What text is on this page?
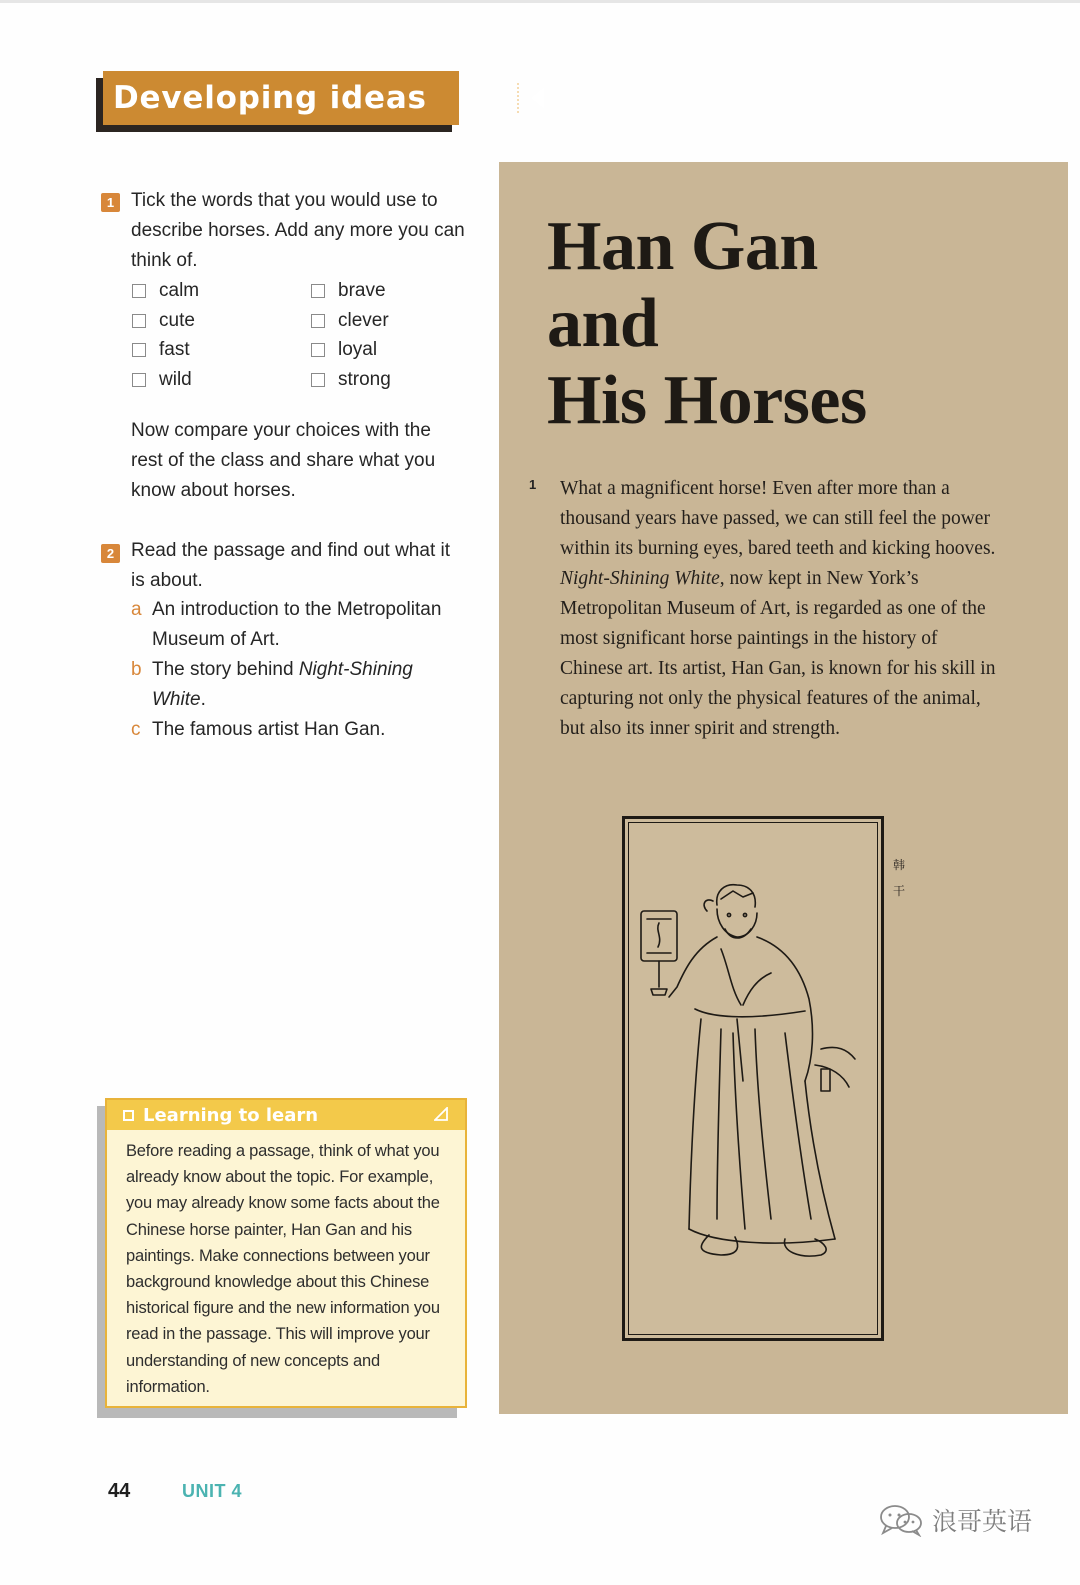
Developing ideas
1 Tick the words that you would use to describe horses. Add any more you can think of.
calm
cute
fast
wild
brave
clever
loyal
strong
Now compare your choices with the rest of the class and share what you know about horses.
2 Read the passage and find out what it is about.
a An introduction to the Metropolitan Museum of Art.
b The story behind Night-Shining White.
c The famous artist Han Gan.
Learning to learn
Before reading a passage, think of what you already know about the topic. For example, you may already know some facts about the Chinese horse painter, Han Gan and his paintings. Make connections between your background knowledge about this Chinese historical figure and the new information you read in the passage. This will improve your understanding of new concepts and information.
Han Gan
and
His Horses
1 What a magnificent horse! Even after more than a thousand years have passed, we can still feel the power within its burning eyes, bared teeth and kicking hooves. Night-Shining White, now kept in New York’s Metropolitan Museum of Art, is regarded as one of the most significant horse paintings in the history of Chinese art. Its artist, Han Gan, is known for his skill in capturing not only the physical features of the animal, but also its inner spirit and strength.
韩
干
44	UNIT 4
浪哥英语
